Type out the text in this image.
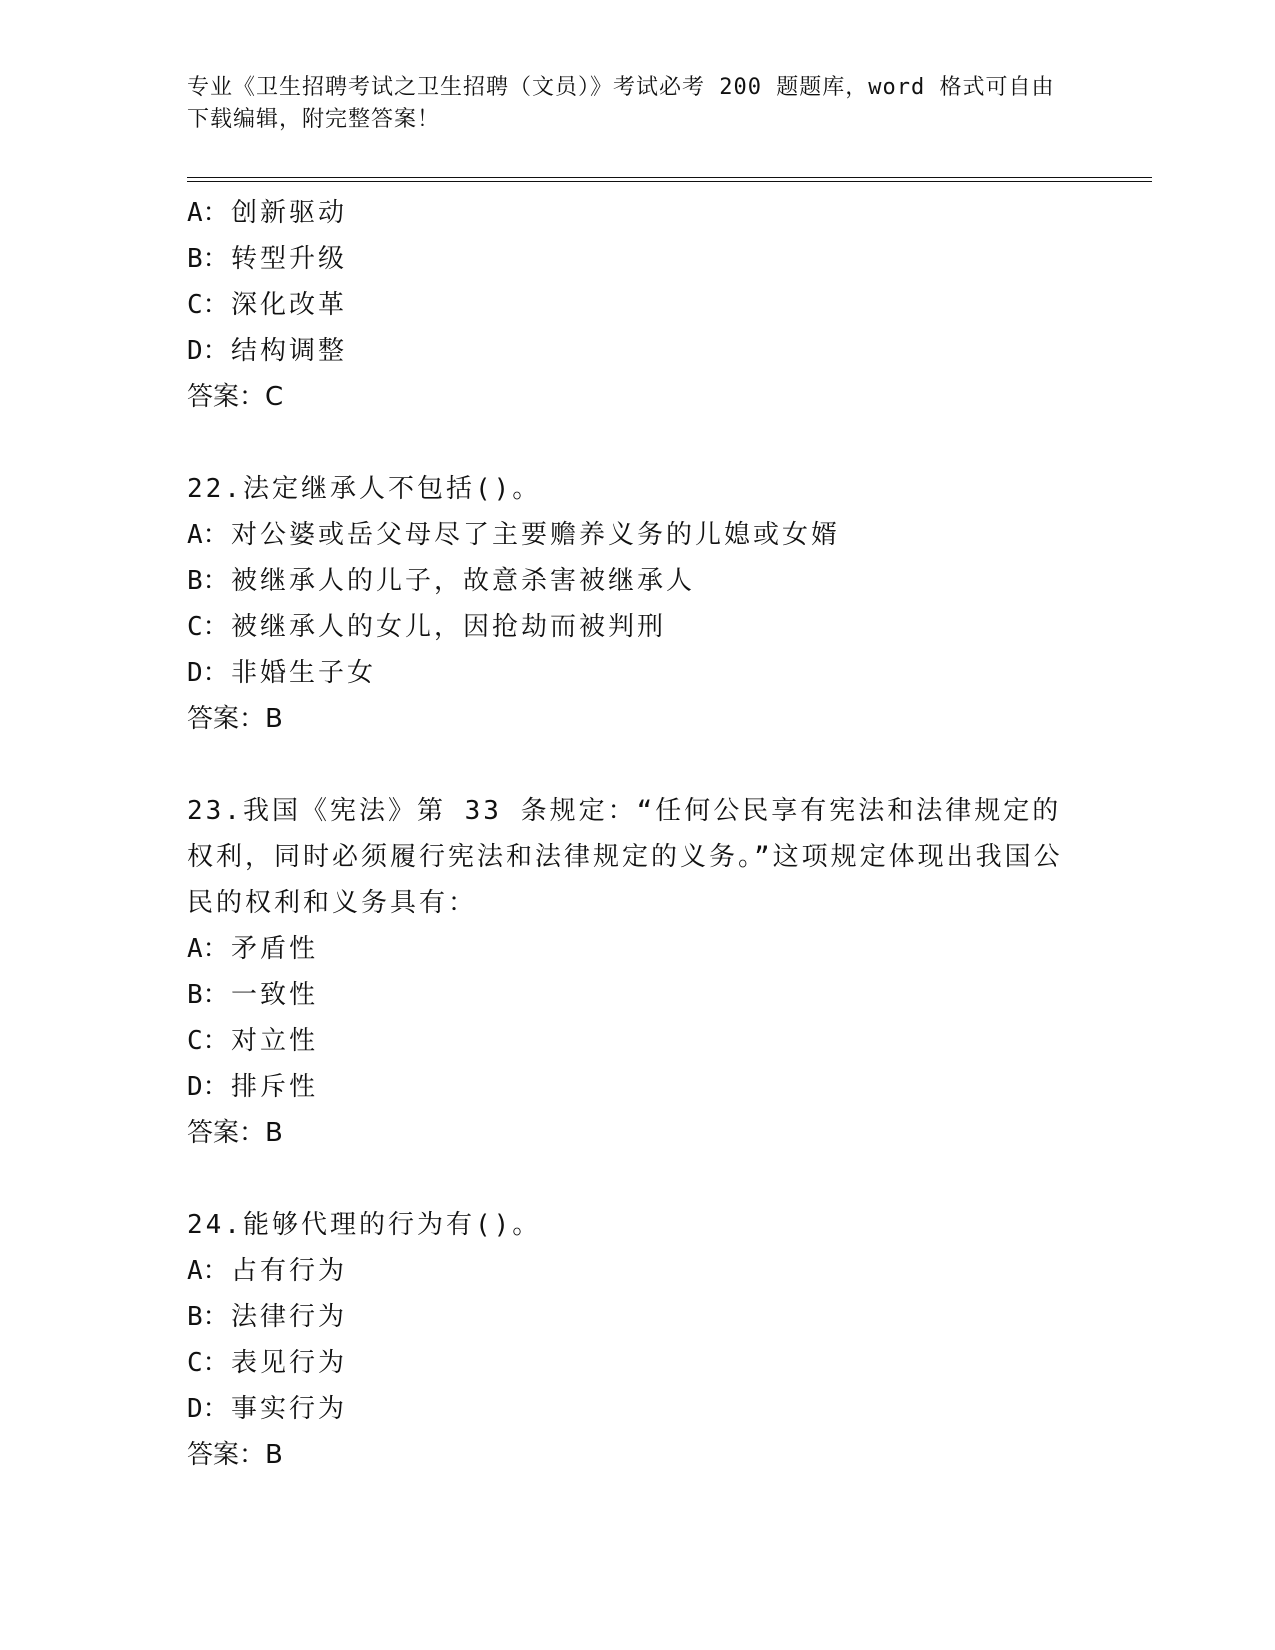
专业《卫生招聘考试之卫生招聘（文员）》考试必考 200 题题库，word 格式可自由下载编辑，附完整答案！

A：创新驱动

B：转型升级

C：深化改革

D：结构调整

答案：C

22.法定继承人不包括()。

A：对公婆或岳父母尽了主要赡养义务的儿媳或女婿

B：被继承人的儿子，故意杀害被继承人

C：被继承人的女儿，因抢劫而被判刑

D：非婚生子女

答案：B

23.我国《宪法》第 33 条规定：“任何公民享有宪法和法律规定的权利，同时必须履行宪法和法律规定的义务。”这项规定体现出我国公民的权利和义务具有：

A：矛盾性

B：一致性

C：对立性

D：排斥性

答案：B

24.能够代理的行为有()。

A：占有行为

B：法律行为

C：表见行为

D：事实行为

答案：B
